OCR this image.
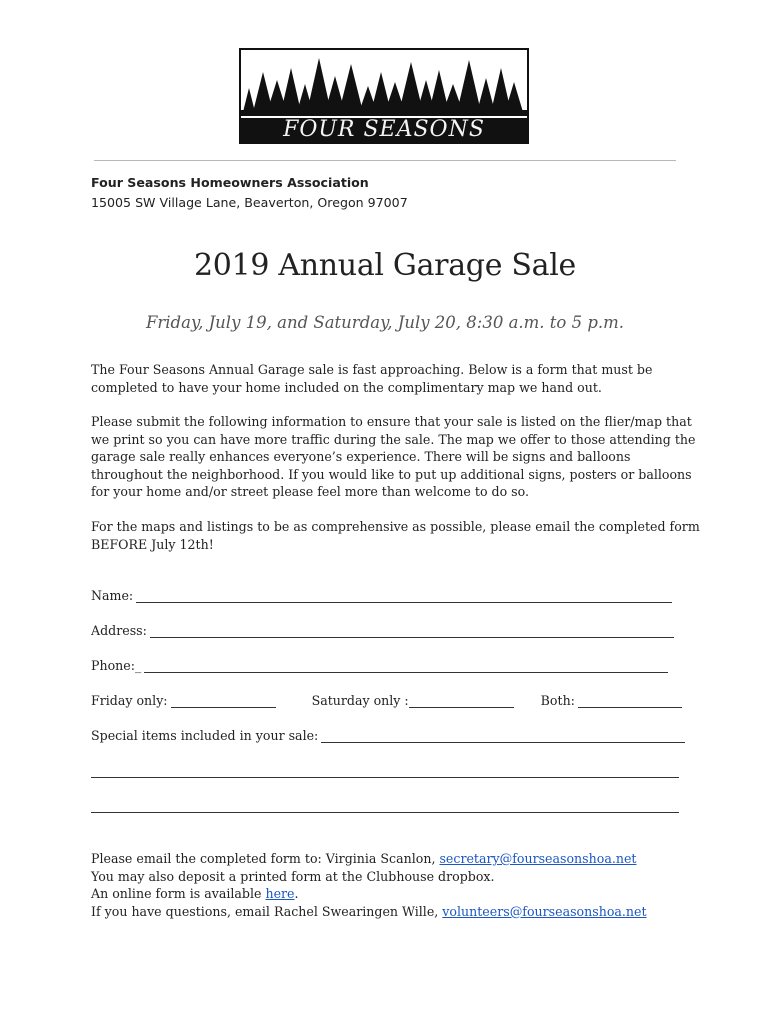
FOUR SEASONS
Four Seasons Homeowners Association
15005 SW Village Lane, Beaverton, Oregon 97007
2019 Annual Garage Sale
Friday, July 19, and Saturday, July 20, 8:30 a.m. to 5 p.m.
The Four Seasons Annual Garage sale is fast approaching. Below is a form that must be
completed to have your home included on the complimentary map we hand out.
Please submit the following information to ensure that your sale is listed on the flier/map that
we print so you can have more traffic during the sale. The map we offer to those attending the
garage sale really enhances everyone’s experience. There will be signs and balloons
throughout the neighborhood. If you would like to put up additional signs, posters or balloons
for your home and/or street please feel more than welcome to do so.
For the maps and listings to be as comprehensive as possible, please email the completed form
BEFORE July 12th!
Name:
Address:
Phone:_
Friday only:	Saturday only :	Both:
Special items included in your sale:
Please email the completed form to: Virginia Scanlon, secretary@fourseasonshoa.net
You may also deposit a printed form at the Clubhouse dropbox.
An online form is available here.
If you have questions, email Rachel Swearingen Wille, volunteers@fourseasonshoa.net
